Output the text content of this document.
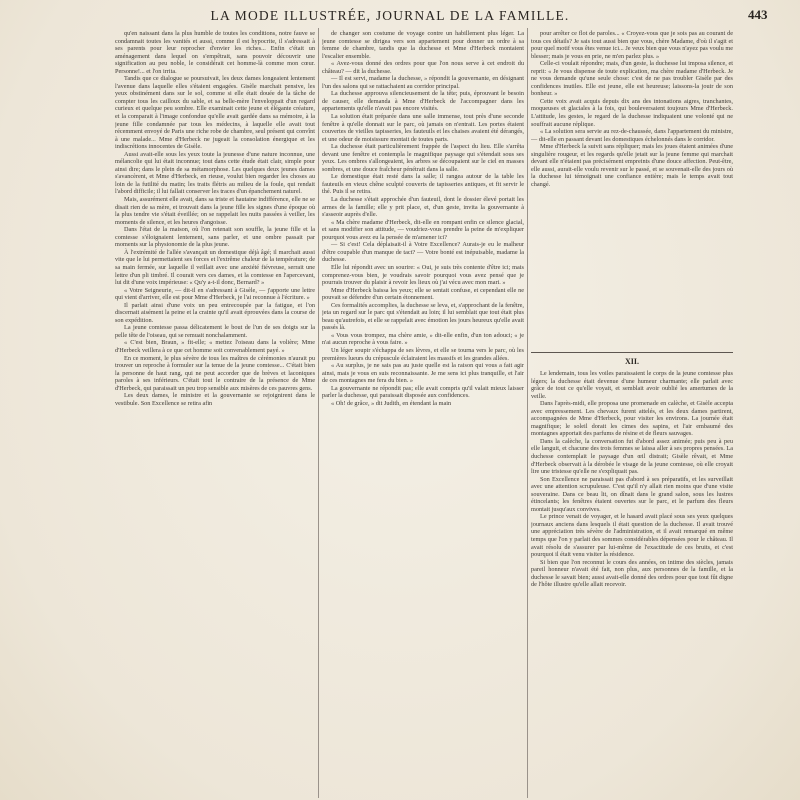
LA MODE ILLUSTRÉE, JOURNAL DE LA FAMILLE.	443

qu'en naissant dans la plus humble de toutes les conditions, notre fauve se condamnait toutes les vanités et aussi, comme il est hypocrite, il s'adressait à ses parents pour leur reprocher d'envier les riches... Enfin c'était un aménagement dans lequel on s'empêtrait, sans pouvoir découvrir une signification au peu noble, le considérait cet homme-là comme mon cœur. Personne!... et l'on irrita.

Tandis que ce dialogue se poursuivait, les deux dames longeaient lentement l'avenue dans laquelle elles s'étaient engagées. Gisèle marchait pensive, les yeux obstinément dans sur le sol, comme si elle était douée de la tâche de compter tous les cailloux du sable, et sa belle-mère l'enveloppait d'un regard curieux et quelque peu sombre. Elle examinait cette jeune et élégante créature, et la comparait à l'image confondue qu'elle avait gardée dans sa mémoire, à la jeune fille condamnée par tous les médecins, à laquelle elle avait tout récemment envoyé de Paris une riche robe de chambre, seul présent qui convînt à une malade... Mme d'Herbeck ne jugeait la consolation énergique et les indiscrétions innocentes de Gisèle.

Aussi avait-elle sous les yeux toute la jeunesse d'une nature inconnue, une mélancolie qui lui était inconnue; tout dans cette étude était clair, simple pour ainsi dire; dans le plein de sa métamorphose. Les quelques deux jeunes dames s'avancèrent, et Mme d'Herbeck, en rieuse, voulut bien regarder les choses au loin de la futilité du matin; les traits flétris au milieu de la foule, qui rendait l'abord difficile; il lui fallait conserver les traces d'un épanchement naturel.

Mais, assurément elle avait, dans sa triste et hautaine indifférence, elle ne se disait rien de sa mère, et trouvait dans la jeune fille les signes d'une époque où la plus tendre vie s'était éveillée; on se rappelait les nuits passées à veiller, les moments de silence, et les heures d'angoisse.

Dans l'état de la maison, où l'on retenait son souffle, la jeune fille et la comtesse s'éloignaient lentement, sans parler, et une ombre passait par moments sur la physionomie de la plus jeune.

À l'extrémité de l'allée s'avançait un domestique déjà âgé; il marchait aussi vite que le lui permettaient ses forces et l'extrême chaleur de la température; de sa main fermée, sur laquelle il veillait avec une anxiété fiévreuse, serrait une lettre d'un pli timbré. Il courait vers ces dames, et la comtesse en l'apercevant, lui dit d'une voix impérieuse: « Qu'y a-t-il donc, Bernard? »

« Votre Seigneurie, — dit-il en s'adressant à Gisèle, — j'apporte une lettre qui vient d'arriver, elle est pour Mme d'Herbeck, je l'ai reconnue à l'écriture. »

Il parlait ainsi d'une voix un peu entrecoupée par la fatigue, et l'on discernait aisément la peine et la crainte qu'il avait éprouvées dans la course de son expédition.

La jeune comtesse passa délicatement le bout de l'un de ses doigts sur la pelle tête de l'oiseau, qui se remuait nonchalamment.

« C'est bien, Braun, » fit-elle; « mettez l'oiseau dans la volière; Mme d'Herbeck veillera à ce que cet homme soit convenablement payé. »

En ce moment, le plus sévère de tous les maîtres de cérémonies n'aurait pu trouver un reproche à formuler sur la tenue de la jeune comtesse... C'était bien la personne de haut rang, qui ne peut accorder que de brèves et laconiques paroles à ses inférieurs. C'était tout le contraire de la présence de Mme d'Herbeck, qui paraissait un peu trop sensible aux misères de ces pauvres gens.

Les deux dames, le ministre et la gouvernante se rejoignirent dans le vestibule. Son Excellence se retira afin

de changer son costume de voyage contre un habillement plus léger. La jeune comtesse se dirigea vers son appartement pour donner un ordre à sa femme de chambre, tandis que la duchesse et Mme d'Herbeck montaient l'escalier ensemble.

« Avez-vous donné des ordres pour que l'on nous serve à cet endroit du château? — dit la duchesse.

— Il est servi, madame la duchesse, » répondit la gouvernante, en désignant l'un des salons qui se rattachaient au corridor principal.

La duchesse approuva silencieusement de la tête; puis, éprouvant le besoin de causer, elle demanda à Mme d'Herbeck de l'accompagner dans les appartements qu'elle n'avait pas encore visités.

La solution était préparée dans une salle immense, tout près d'une seconde fenêtre à qu'elle donnait sur le parc, où jamais on n'entrait. Les portes étaient couvertes de vieilles tapisseries, les fauteuils et les chaises avaient été dérangés, et une odeur de moisissure montait de toutes parts.

La duchesse était particulièrement frappée de l'aspect du lieu. Elle s'arrêta devant une fenêtre et contempla le magnifique paysage qui s'étendait sous ses yeux. Les ombres s'allongeaient, les arbres se découpaient sur le ciel en masses sombres, et une douce fraîcheur pénétrait dans la salle.

Le domestique était resté dans la salle; il rangea autour de la table les fauteuils en vieux chêne sculpté couverts de tapisseries antiques, et fit servir le thé. Puis il se retira.

La duchesse s'était approchée d'un fauteuil, dont le dossier élevé portait les armes de la famille; elle y prit place, et, d'un geste, invita la gouvernante à s'asseoir auprès d'elle.

« Ma chère madame d'Herbeck, dit-elle en rompant enfin ce silence glacial, et sans modifier son attitude, — voudriez-vous prendre la peine de m'expliquer pourquoi vous avez eu la pensée de m'amener ici?

— Si c'est! Cela déplaisait-il à Votre Excellence? Aurais-je eu le malheur d'être coupable d'un manque de tact? — Votre bonté est inépuisable, madame la duchesse.

Elle lui répondit avec un sourire: « Oui, je suis très contente d'être ici; mais comprenez-vous bien, je voudrais savoir pourquoi vous avez pensé que je pourrais trouver du plaisir à revoir les lieux où j'ai vécu avec mon mari. »

Mme d'Herbeck baissa les yeux; elle se sentait confuse, et cependant elle ne pouvait se défendre d'un certain étonnement.

Ces formalités accomplies, la duchesse se leva, et, s'approchant de la fenêtre, jeta un regard sur le parc qui s'étendait au loin; il lui semblait que tout était plus beau qu'autrefois, et elle se rappelait avec émotion les jours heureux qu'elle avait passés là.

« Vous vous trompez, ma chère amie, » dit-elle enfin, d'un ton adouci; « je n'ai aucun reproche à vous faire. »

Un léger soupir s'échappa de ses lèvres, et elle se tourna vers le parc, où les premières lueurs du crépuscule éclairaient les massifs et les grandes allées.

« Au surplus, je ne sais pas au juste quelle est la raison qui vous a fait agir ainsi, mais je vous en suis reconnaissante. Je me sens ici plus tranquille, et l'air de ces montagnes me fera du bien. »

La gouvernante ne répondit pas; elle avait compris qu'il valait mieux laisser parler la duchesse, qui paraissait disposée aux confidences.

« Oh! de grâce, » dit Judith, en étendant la main

pour arrêter ce flot de paroles... « Croyez-vous que je sois pas au courant de tous ces détails? Je sais tout aussi bien que vous, chère Madame, d'où il s'agit et pour quel motif vous êtes venue ici... Je veux bien que vous n'ayez pas voulu me blesser; mais je vous en prie, ne m'en parlez plus. »

Celle-ci voulait répondre; mais, d'un geste, la duchesse lui imposa silence, et reprit: « Je vous dispense de toute explication, ma chère madame d'Herbeck. Je ne vous demande qu'une seule chose: c'est de ne pas troubler Gisèle par des confidences inutiles. Elle est jeune, elle est heureuse; laissons-la jouir de son bonheur. »

Cette voix avait acquis depuis dix ans des intonations aigres, tranchantes, moqueuses et glaciales à la fois, qui bouleversaient toujours Mme d'Herbeck. L'attitude, les gestes, le regard de la duchesse indiquaient une volonté qui ne souffrait aucune réplique.

« La solution sera servie au rez-de-chaussée, dans l'appartement du ministre, — dit-elle en passant devant les domestiques échelonnés dans le corridor.

Mme d'Herbeck la suivit sans répliquer; mais les joues étaient animées d'une singulière rougeur, et les regards qu'elle jetait sur la jeune femme qui marchait devant elle n'étaient pas précisément empreints d'une douce affection. Peut-être, elle aussi, aurait-elle voulu revenir sur le passé, et se souvenait-elle des jours où la duchesse lui témoignait une confiance entière; mais le temps avait tout changé.

XII.

Le lendemain, tous les voiles paraissaient le corps de la jeune comtesse plus légers; la duchesse était devenue d'une humeur charmante; elle parlait avec grâce de tout ce qu'elle voyait, et semblait avoir oublié les amertumes de la veille.

Dans l'après-midi, elle proposa une promenade en calèche, et Gisèle accepta avec empressement. Les chevaux furent attelés, et les deux dames partirent, accompagnées de Mme d'Herbeck, pour visiter les environs. La journée était magnifique; le soleil dorait les cimes des sapins, et l'air embaumé des montagnes apportait des parfums de résine et de fleurs sauvages.

Dans la calèche, la conversation fut d'abord assez animée; puis peu à peu elle languit, et chacune des trois femmes se laissa aller à ses propres pensées. La duchesse contemplait le paysage d'un œil distrait; Gisèle rêvait, et Mme d'Herbeck observait à la dérobée le visage de la jeune comtesse, où elle croyait lire une tristesse qu'elle ne s'expliquait pas.

Son Excellence ne paraissait pas d'abord à ses préparatifs, et les surveillait avec une attention scrupuleuse. C'est qu'il n'y allait rien moins que d'une visite souveraine. Dans ce beau lit, on dînait dans le grand salon, sous les lustres étincelants; les fenêtres étaient ouvertes sur le parc, et le parfum des fleurs montait jusqu'aux convives.

Le prince venait de voyager, et le hasard avait placé sous ses yeux quelques journaux anciens dans lesquels il était question de la duchesse. Il avait trouvé une appréciation très sévère de l'administration, et il avait remarqué en même temps que l'on y parlait des sommes considérables dépensées pour le château. Il avait résolu de s'assurer par lui-même de l'exactitude de ces bruits, et c'est pourquoi il était venu visiter la résidence.

Si bien que l'on reconnut le cours des années, on intime des siècles, jamais pareil honneur n'avait été fait, non plus, aux personnes de la famille, et la duchesse le savait bien; aussi avait-elle donné des ordres pour que tout fût digne de l'hôte illustre qu'elle allait recevoir.
